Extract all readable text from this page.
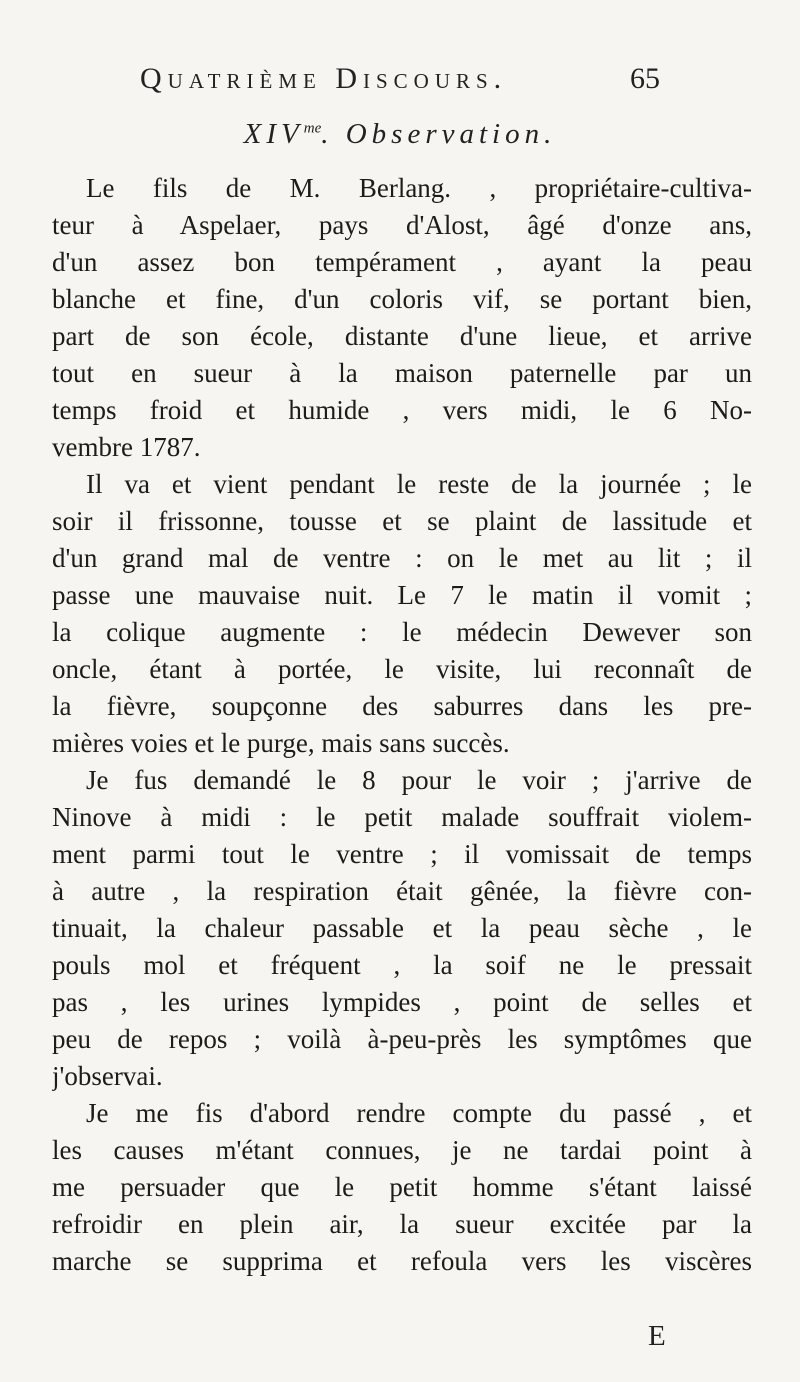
Quatrième Discours.	65
$XIV^{me}$. Observation.
Le fils de M. Berlang. , propriétaire-cultiva-
teur à Aspelaer, pays d'Alost, âgé d'onze ans,
d'un assez bon tempérament , ayant la peau
blanche et fine, d'un coloris vif, se portant bien,
part de son école, distante d'une lieue, et arrive
tout en sueur à la maison paternelle par un
temps froid et humide , vers midi, le 6 No-
vembre 1787.
Il va et vient pendant le reste de la journée ; le
soir il frissonne, tousse et se plaint de lassitude et
d'un grand mal de ventre : on le met au lit ; il
passe une mauvaise nuit. Le 7 le matin il vomit ;
la colique augmente : le médecin Dewever son
oncle, étant à portée, le visite, lui reconnaît de
la fièvre, soupçonne des saburres dans les pre-
mières voies et le purge, mais sans succès.
Je fus demandé le 8 pour le voir ; j'arrive de
Ninove à midi : le petit malade souffrait violem-
ment parmi tout le ventre ; il vomissait de temps
à autre , la respiration était gênée, la fièvre con-
tinuait, la chaleur passable et la peau sèche , le
pouls mol et fréquent , la soif ne le pressait
pas , les urines lympides , point de selles et
peu de repos ; voilà à-peu-près les symptômes que
j'observai.
Je me fis d'abord rendre compte du passé , et
les causes m'étant connues, je ne tardai point à
me persuader que le petit homme s'étant laissé
refroidir en plein air, la sueur excitée par la
marche se supprima et refoula vers les viscères
E
